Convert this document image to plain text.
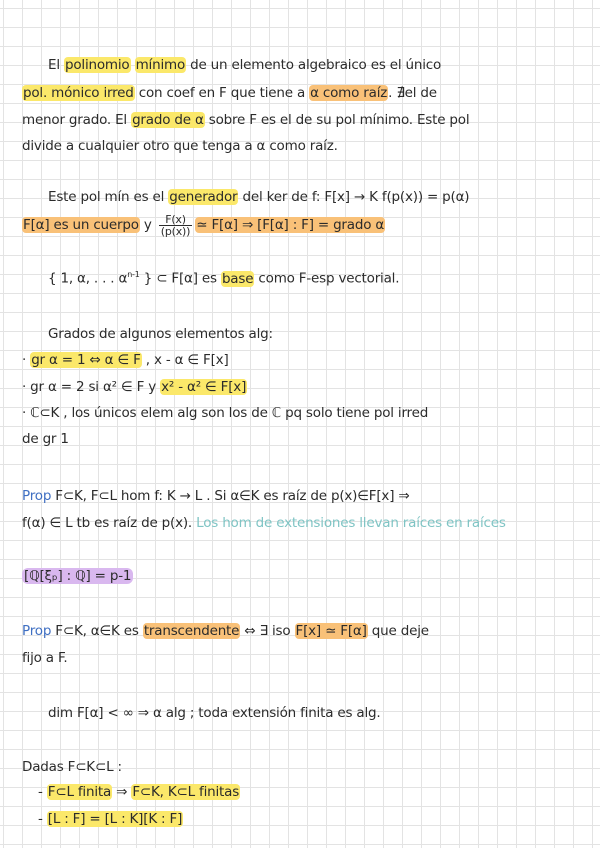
El polinomio mínimo de un elemento algebraico es el único
pol. mónico irred con coef en F que tiene a α como raíz. ∄el de
menor grado. El grado de α sobre F es el de su pol mínimo. Este pol
divide a cualquier otro que tenga a α como raíz.
Este pol mín es el generador del ker de f: F[x] → K f(p(x)) = p(α)
F[α] es un cuerpo y $\frac{F(x)}{(p(x))}$ ≃ F[α] ⇒ [F[α] : F] = grado α
{ 1, α, . . . $\alpha^{n-1}$ } ⊂ F[α] es base como F-esp vectorial.
Grados de algunos elementos alg:
· gr α = 1 ⇔ α ∈ F , x - α ∈ F[x]
· gr α = 2 si α² ∈ F y x² - α² ∈ F[x]
· ℂ⊂K , los únicos elem alg son los de ℂ pq solo tiene pol irred
de gr 1
Prop F⊂K, F⊂L hom f: K → L . Si α∈K es raíz de p(x)∈F[x] ⇒
f(α) ∈ L tb es raíz de p(x). Los hom de extensiones llevan raíces en raíces
[ℚ[ξₚ] : ℚ] = p-1
Prop F⊂K, α∈K es transcendente ⇔ ∃ iso F[x] ≃ F[α] que deje
fijo a F.
dim F[α] < ∞ ⇒ α alg ; toda extensión finita es alg.
Dadas F⊂K⊂L :
- F⊂L finita ⇒ F⊂K, K⊂L finitas
- [L : F] = [L : K][K : F]
